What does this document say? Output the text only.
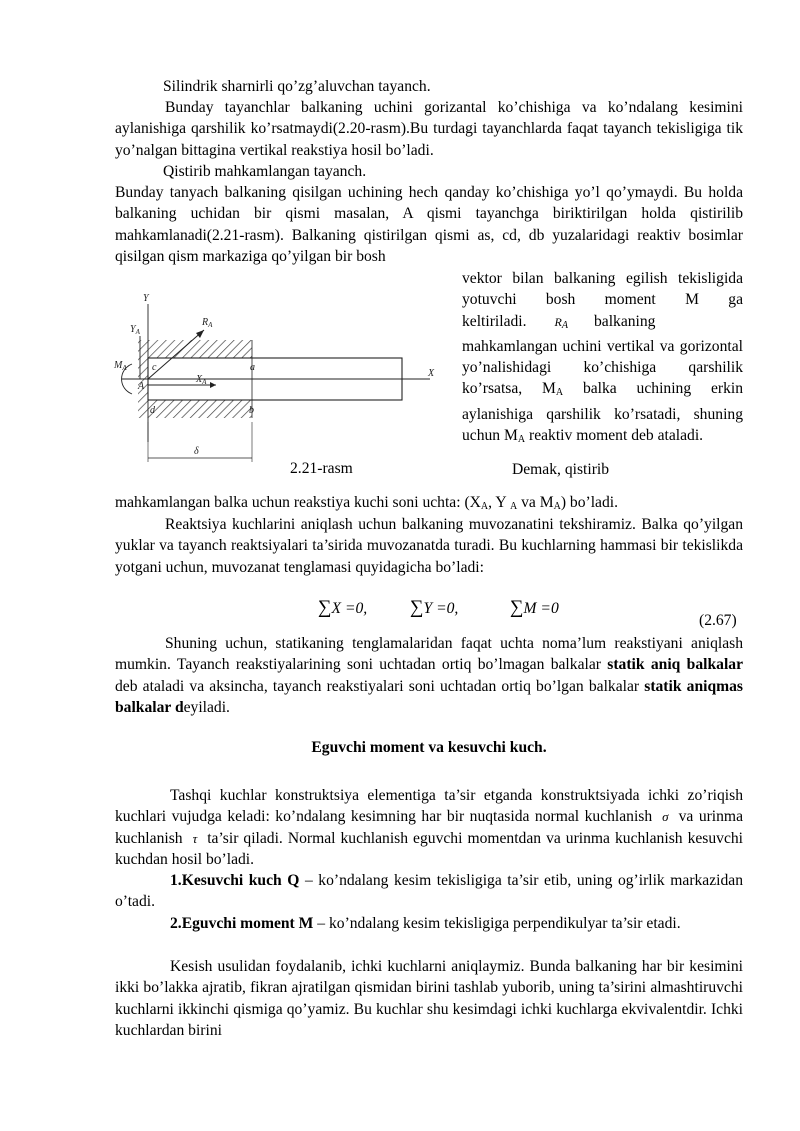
Silindrik sharnirli qo’zg’aluvchan tayanch.

Bunday tayanchlar balkaning uchini gorizantal ko’chishiga va ko’ndalang kesimini aylanishiga qarshilik ko’rsatmaydi(2.20-rasm).Bu turdagi tayanchlarda faqat tayanch tekisligiga tik yo’nalgan bittagina vertikal reakstiya hosil bo’ladi.

Qistirib mahkamlangan tayanch.

Bunday tanyach balkaning qisilgan uchining hech qanday ko’chishiga yo’l qo’ymaydi. Bu holda balkaning uchidan bir qismi masalan, A qismi tayanchga biriktirilgan holda qistirilib mahkamlanadi(2.21-rasm). Balkaning qistirilgan qismi as, cd, db yuzalaridagi reaktiv bosimlar qisilgan qism markaziga qo’yilgan bir bosh

vektor bilan balkaning egilish tekisligida yotuvchi bosh moment M ga keltiriladi. $R_A$ balkaning mahkamlangan uchini vertikal va gorizontal yo’nalishidagi ko’chishiga qarshilik ko’rsatsa, $M_A$ balka uchining erkin aylanishiga qarshilik ko’rsatadi, shuning uchun $M_A$ reaktiv moment deb ataladi.

Demak, qistirib

Y
$Y_A$
$R_A$
$M_A$	c	a
A
$X_A$
X
d	b
δ
2.21-rasm

mahkamlangan balka uchun reakstiya kuchi soni uchta: ($X_A$, Y $_A$ va $M_A$) bo’ladi.

Reaktsiya kuchlarini aniqlash uchun balkaning muvozanatini tekshiramiz. Balka qo’yilgan yuklar va tayanch reaktsiyalari ta’sirida muvozanatda turadi. Bu kuchlarning hammasi bir tekislikda yotgani uchun, muvozanat tenglamasi quyidagicha bo’ladi:

∑X =0, ∑Y =0,	∑M =0
(2.67)

Shuning uchun, statikaning tenglamalaridan faqat uchta noma’lum reakstiyani aniqlash mumkin. Tayanch reakstiyalarining soni uchtadan ortiq bo’lmagan balkalar statik aniq balkalar deb ataladi va aksincha, tayanch reakstiyalari soni uchtadan ortiq bo’lgan balkalar statik aniqmas balkalar deyiladi.

Eguvchi moment va kesuvchi kuch.

Tashqi kuchlar konstruktsiya elementiga ta’sir etganda konstruktsiyada ichki zo’riqish kuchlari vujudga keladi: ko’ndalang kesimning har bir nuqtasida normal kuchlanish σ va urinma kuchlanish τ ta’sir qiladi. Normal kuchlanish eguvchi momentdan va urinma kuchlanish kesuvchi kuchdan hosil bo’ladi.

1.Kesuvchi kuch Q – ko’ndalang kesim tekisligiga ta’sir etib, uning og’irlik markazidan o’tadi.

2.Eguvchi moment M – ko’ndalang kesim tekisligiga perpendikulyar ta’sir etadi.

Kesish usulidan foydalanib, ichki kuchlarni aniqlaymiz. Bunda balkaning har bir kesimini ikki bo’lakka ajratib, fikran ajratilgan qismidan birini tashlab yuborib, uning ta’sirini almashtiruvchi kuchlarni ikkinchi qismiga qo’yamiz. Bu kuchlar shu kesimdagi ichki kuchlarga ekvivalentdir. Ichki kuchlardan birini
